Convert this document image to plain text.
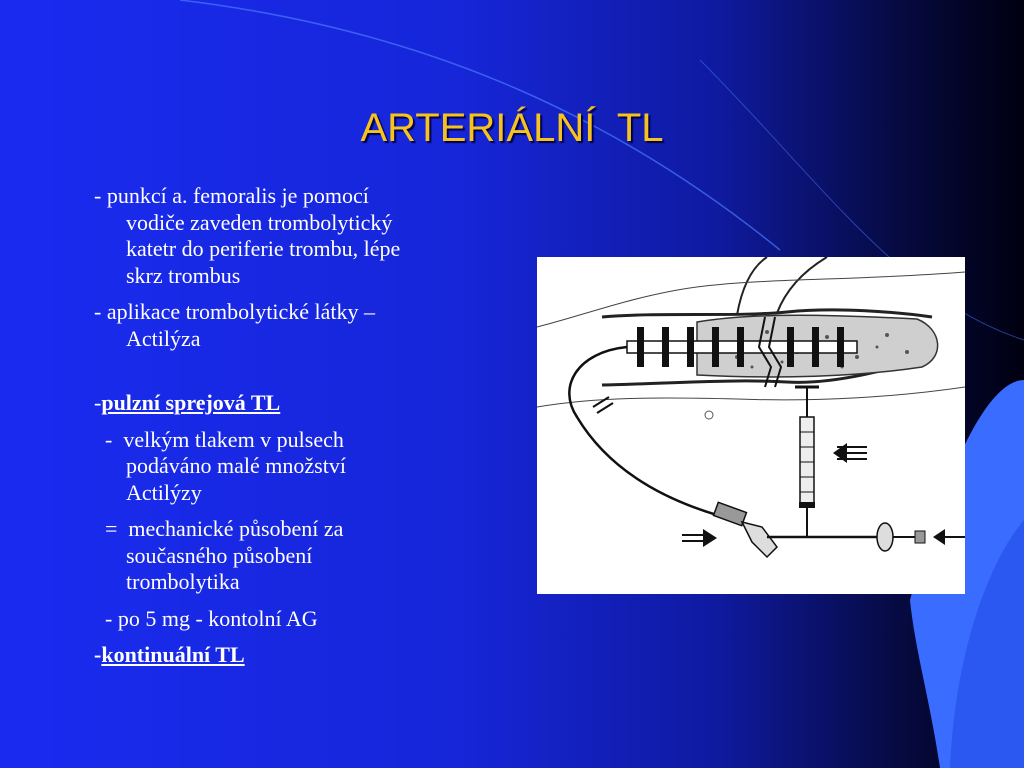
ARTERIÁLNÍ  TL
- punkcí a. femoralis je pomocí
vodiče zaveden trombolytický
katetr do periferie trombu, lépe
skrz trombus
- aplikace trombolytické látky –
Actilýza
-pulzní sprejová TL
-  velkým tlakem v pulsech
podáváno malé množství
Actilýzy
=  mechanické působení za
současného působení
trombolytika
- po 5 mg - kontolní AG
-kontinuální TL
